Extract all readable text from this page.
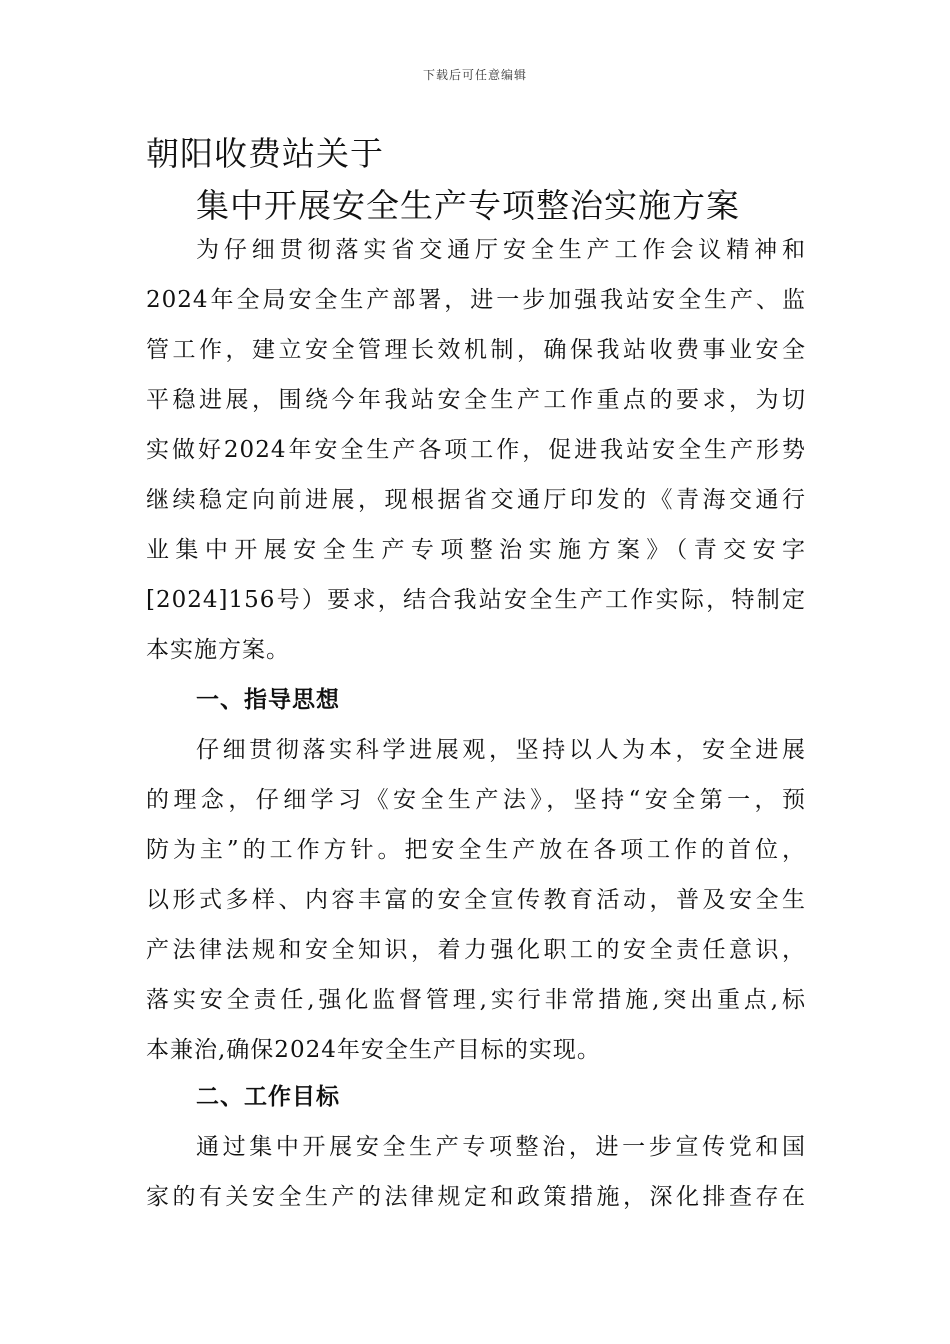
下载后可任意编辑
朝阳收费站关于
集中开展安全生产专项整治实施方案
为仔细贯彻落实省交通厅安全生产工作会议精神和
2024年全局安全生产部署，进一步加强我站安全生产、监
管工作，建立安全管理长效机制，确保我站收费事业安全
平稳进展，围绕今年我站安全生产工作重点的要求，为切
实做好2024年安全生产各项工作，促进我站安全生产形势
继续稳定向前进展，现根据省交通厅印发的《青海交通行
业集中开展安全生产专项整治实施方案》（青交安字
[2024]156号）要求，结合我站安全生产工作实际，特制定
本实施方案。
一、指导思想
仔细贯彻落实科学进展观，坚持以人为本，安全进展
的理念，仔细学习《安全生产法》，坚持“安全第一，预
防为主”的工作方针。把安全生产放在各项工作的首位，
以形式多样、内容丰富的安全宣传教育活动，普及安全生
产法律法规和安全知识，着力强化职工的安全责任意识，
落实安全责任,强化监督管理,实行非常措施,突出重点,标
本兼治,确保2024年安全生产目标的实现。
二、工作目标
通过集中开展安全生产专项整治，进一步宣传党和国
家的有关安全生产的法律规定和政策措施，深化排查存在
